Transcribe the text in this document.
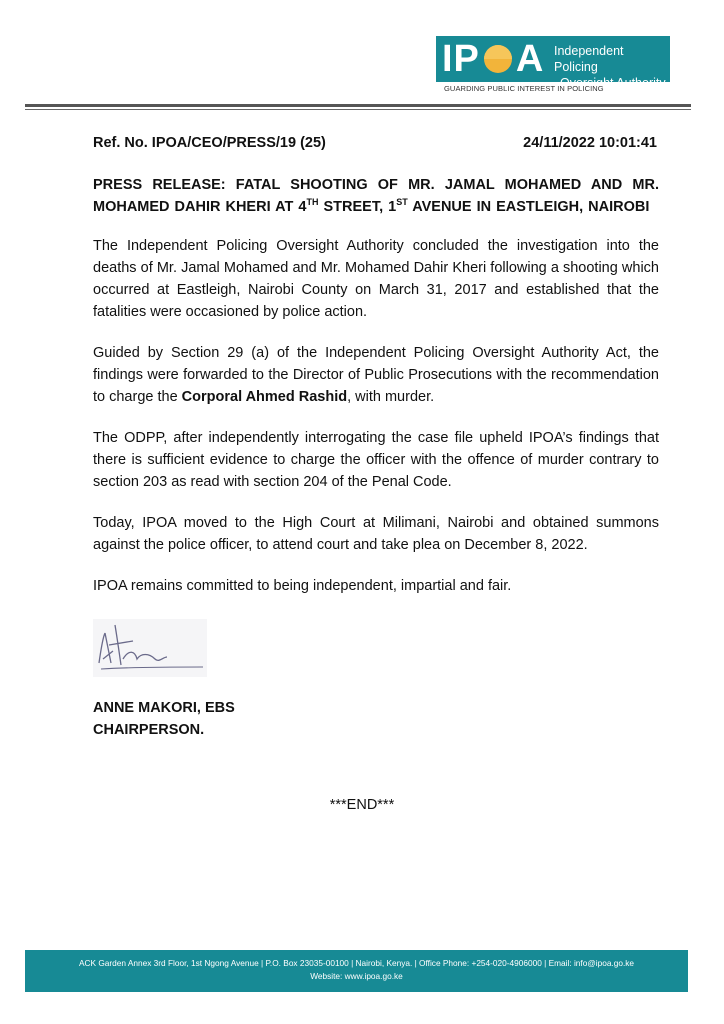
IP A Independent Policing
Oversight Authority
GUARDING PUBLIC INTEREST IN POLICING
Ref. No. IPOA/CEO/PRESS/19 (25)	24/11/2022 10:01:41
PRESS RELEASE: FATAL SHOOTING OF MR. JAMAL MOHAMED AND MR. MOHAMED DAHIR KHERI AT 4TH STREET, 1ST AVENUE IN EASTLEIGH, NAIROBI

The Independent Policing Oversight Authority concluded the investigation into the deaths of Mr. Jamal Mohamed and Mr. Mohamed Dahir Kheri following a shooting which occurred at Eastleigh, Nairobi County on March 31, 2017 and established that the fatalities were occasioned by police action.

Guided by Section 29 (a) of the Independent Policing Oversight Authority Act, the findings were forwarded to the Director of Public Prosecutions with the recommendation to charge the Corporal Ahmed Rashid, with murder.

The ODPP, after independently interrogating the case file upheld IPOA’s findings that there is sufficient evidence to charge the officer with the offence of murder contrary to section 203 as read with section 204 of the Penal Code.

Today, IPOA moved to the High Court at Milimani, Nairobi and obtained summons against the police officer, to attend court and take plea on December 8, 2022.

IPOA remains committed to being independent, impartial and fair.

ANNE MAKORI, EBS
CHAIRPERSON.
***END***
ACK Garden Annex 3rd Floor, 1st Ngong Avenue | P.O. Box 23035-00100 | Nairobi, Kenya. | Office Phone: +254-020-4906000 | Email: info@ipoa.go.ke
Website: www.ipoa.go.ke
